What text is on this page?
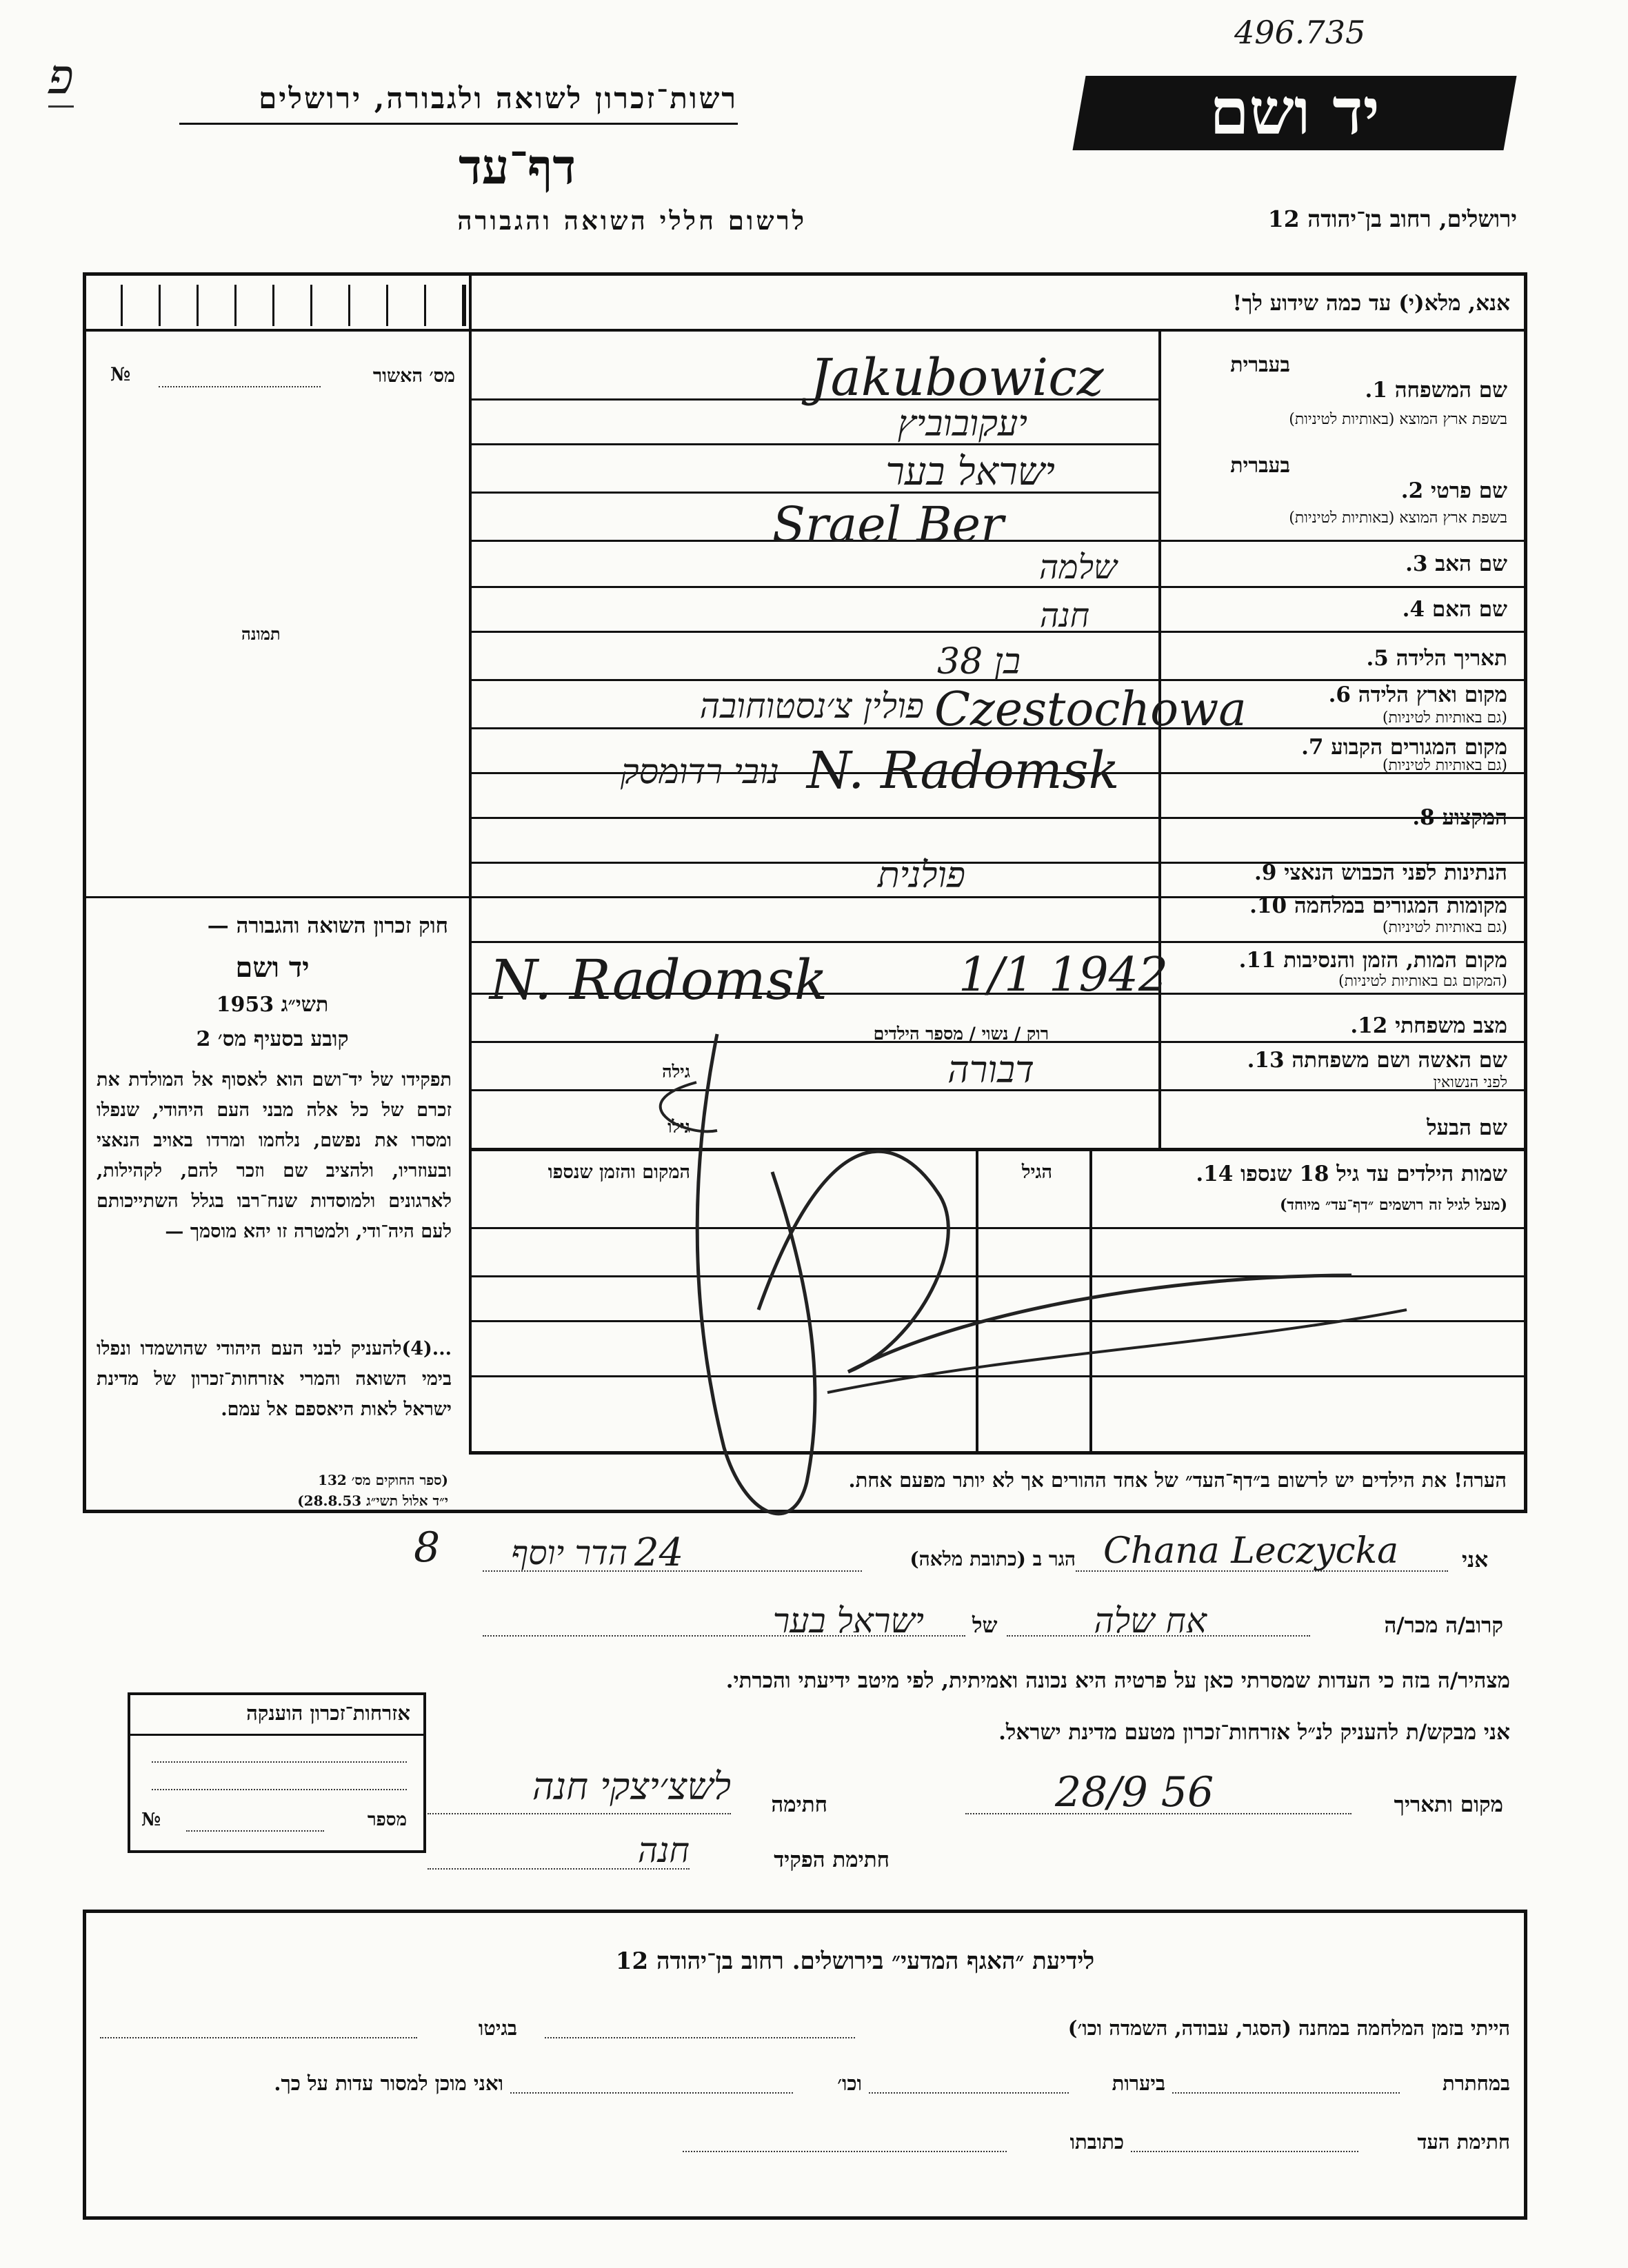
496.735
פ	רשות־זכרון לשואה ולגבורה, ירושלים
דף־עד
לרשום חללי השואה והגבורה
יד ושם
ירושלים, רחוב בן־יהודה 12
אנא, מלא(י) עד כמה שידוע לך!
מס׳ האשור
№
תמונה
בעברית
שם המשפחה 1.
בשפת ארץ המוצא (באותיות לטיניות)
בעברית
שם פרטי 2.
בשפת ארץ המוצא (באותיות לטיניות)
שם האב 3.
שם האם 4.
תאריך הלידה 5.
מקום וארץ הלידה 6.
(גם באותיות לטיניות)
מקום המגורים הקבוע 7.
(גם באותיות לטיניות)
המקצוע 8.
הנתינות לפני הכבוש הנאצי 9.
מקומות המגורים במלחמה 10.
(גם באותיות לטיניות)
מקום המות, הזמן והנסיבות 11.
(המקום גם באותיות לטיניות)
מצב משפחתי 12.
שם האשה ושם משפחתה 13.
לפני הנשואין
שם הבעל
רוק / נשוי / מספר הילדים
גילה
גילו
שמות הילדים עד גיל 18 שנספו 14.
(מעל לגיל זה רושמים ״דף־עד״ מיוחד)
הגיל
המקום והזמן שנספו
הערה! את הילדים יש לרשום ב״דף־העד״ של אחד ההורים אך לא יותר מפעם אחת.
חוק זכרון השואה והגבורה —
יד ושם
תשי״ג 1953
קובע בסעיף מס׳ 2
תפקידו של יד־ושם הוא לאסוף אל המולדת את זכרם של כל אלה מבני העם היהודי, שנפלו ומסרו את נפשם, נלחמו ומרדו באויב הנאצי ובעוזריו, ולהציב שם וזכר להם, לקהילות, לארגונים ולמוסדות שנח־רבו בגלל השתייכותם לעם היה־ודי, ולמטרה זו יהא מוסמך —
...(4)להעניק לבני העם היהודי שהושמדו ונפלו בימי השואה והמרי אזרחות־זכרון של מדינת ישראל לאות היאספם אל עמם.
(ספר החוקים מס׳ 132
י״ד אלול תשי״ג 28.8.53)
Jakubowicz
יעקובוביץ
ישראל בער
Srael Ber
שלמה
חנה
בן 38
פולין צ׳נסטוחובה Czestochowa
נובי רדומסק N. Radomsk
פולנית
N. Radomsk	1/1 1942
דבורה
אני
Chana Leczycka
הגר ב (כתובת מלאה)
הדר יוסף 24
8
קרוב/ה מכר/ה
אח שלה
של
ישראל בער
מצהיר/ה בזה כי העדות שמסרתי כאן על פרטיה היא נכונה ואמיתית, לפי מיטב ידיעתי והכרתי.
אני מבקש/ת להעניק לנ״ל אזרחות־זכרון מטעם מדינת ישראל.
מקום ותאריך
28/9 56
חתימה
לשצ׳יצקי חנה
חתימת הפקיד
חנה
אזרחות־זכרון הוענקה
מספר
№
לידיעת ״האגף המדעי״ בירושלים. רחוב בן־יהודה 12
הייתי בזמן המלחמה במחנה (הסגר, עבודה, השמדה וכו׳)
בגיטו
במחתרת
ביערות
וכו׳
ואני מוכן למסור עדות על כך.
חתימת העד
כתובתו
